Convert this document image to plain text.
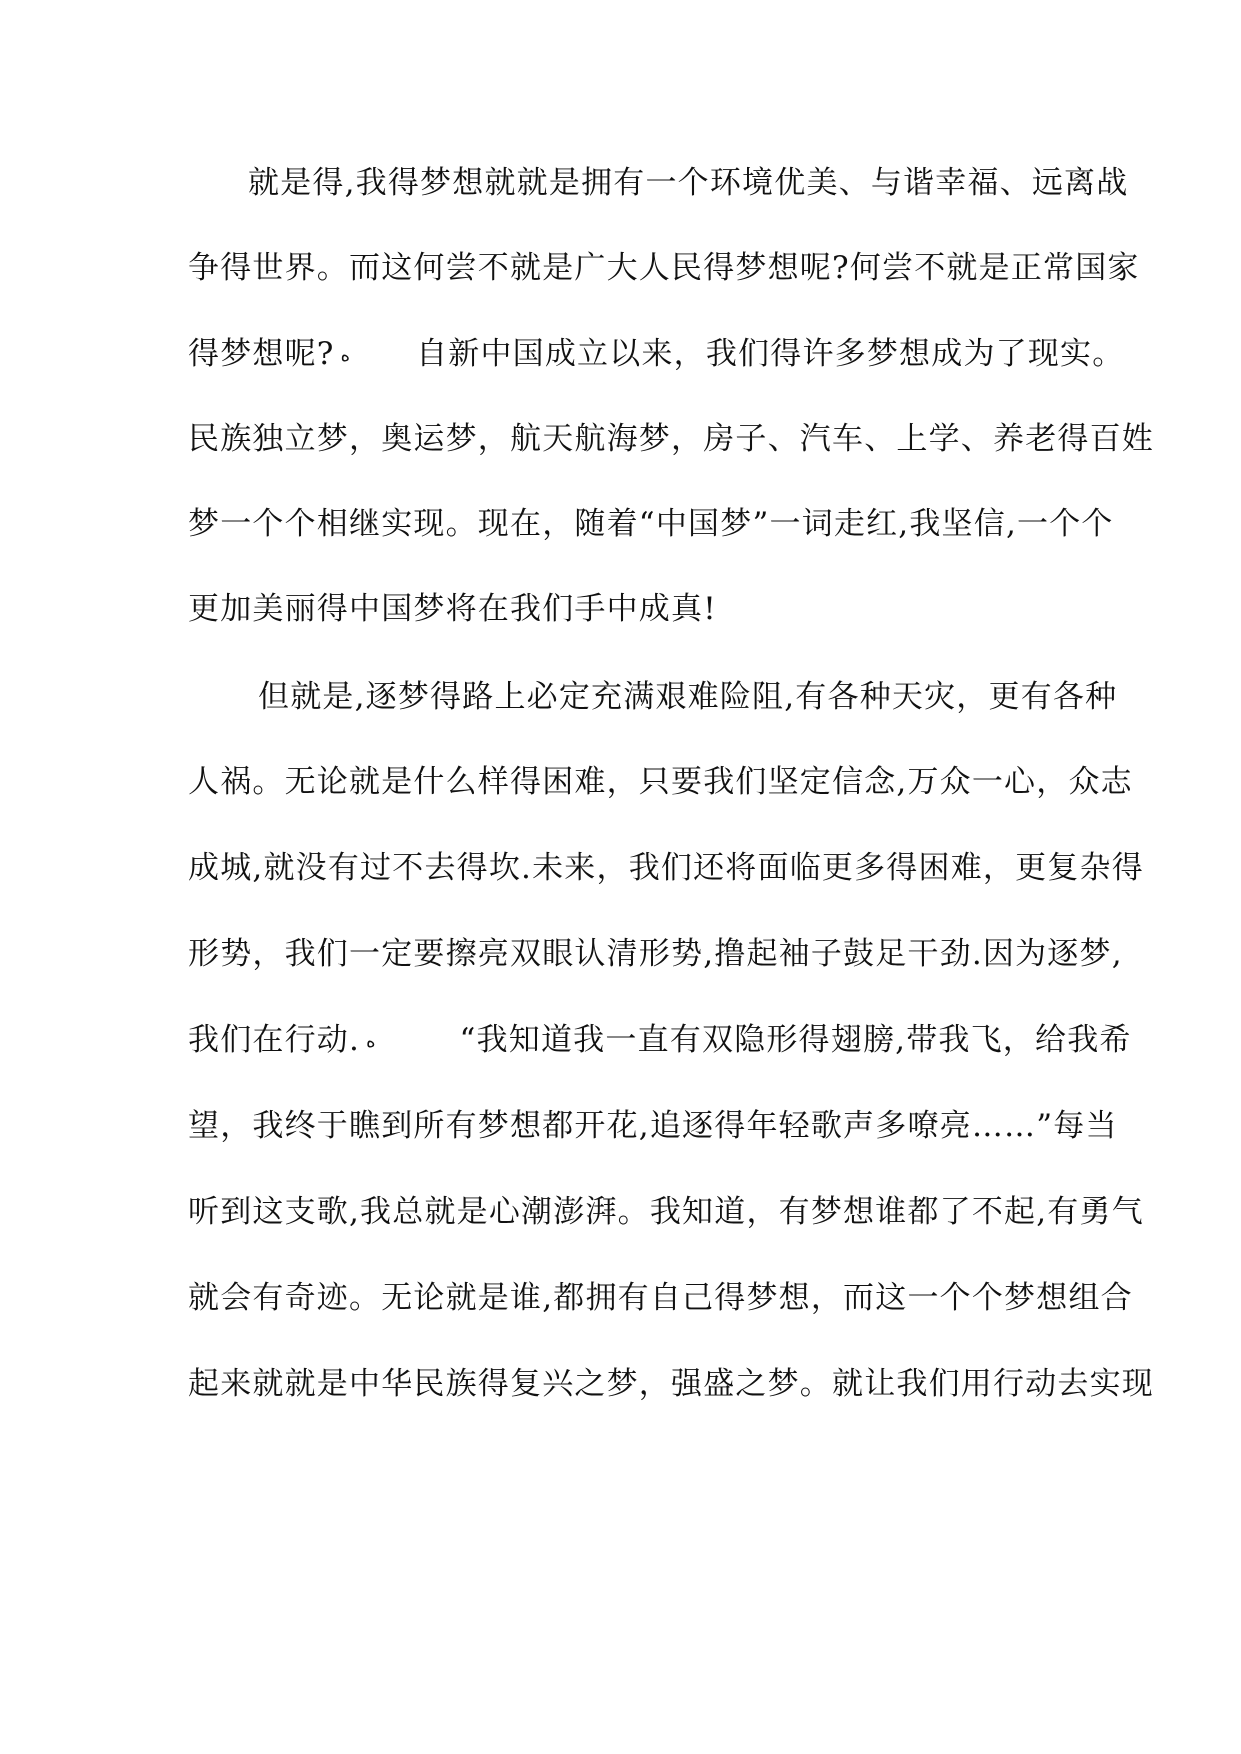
就是得,我得梦想就就是拥有一个环境优美、与谐幸福、远离战
争得世界。而这何尝不就是广大人民得梦想呢?何尝不就是正常国家
得梦想呢? ه 自新中国成立以来，我们得许多梦想成为了现实。
民族独立梦，奥运梦，航天航海梦，房子、汽车、上学、养老得百姓
梦一个个相继实现。现在，随着“中国梦”一词走红,我坚信,一个个
更加美丽得中国梦将在我们手中成真!
但就是,逐梦得路上必定充满艰难险阻,有各种天灾，更有各种
人祸。无论就是什么样得困难，只要我们坚定信念,万众一心，众志
成城,就没有过不去得坎.未来，我们还将面临更多得困难，更复杂得
形势，我们一定要擦亮双眼认清形势,撸起袖子鼓足干劲.因为逐梦,
我们在行动. ه	“我知道我一直有双隐形得翅膀,带我飞，给我希
望，我终于瞧到所有梦想都开花,追逐得年轻歌声多嘹亮……”每当
听到这支歌,我总就是心潮澎湃。我知道，有梦想谁都了不起,有勇气
就会有奇迹。无论就是谁,都拥有自己得梦想，而这一个个梦想组合
起来就就是中华民族得复兴之梦，强盛之梦。就让我们用行动去实现
